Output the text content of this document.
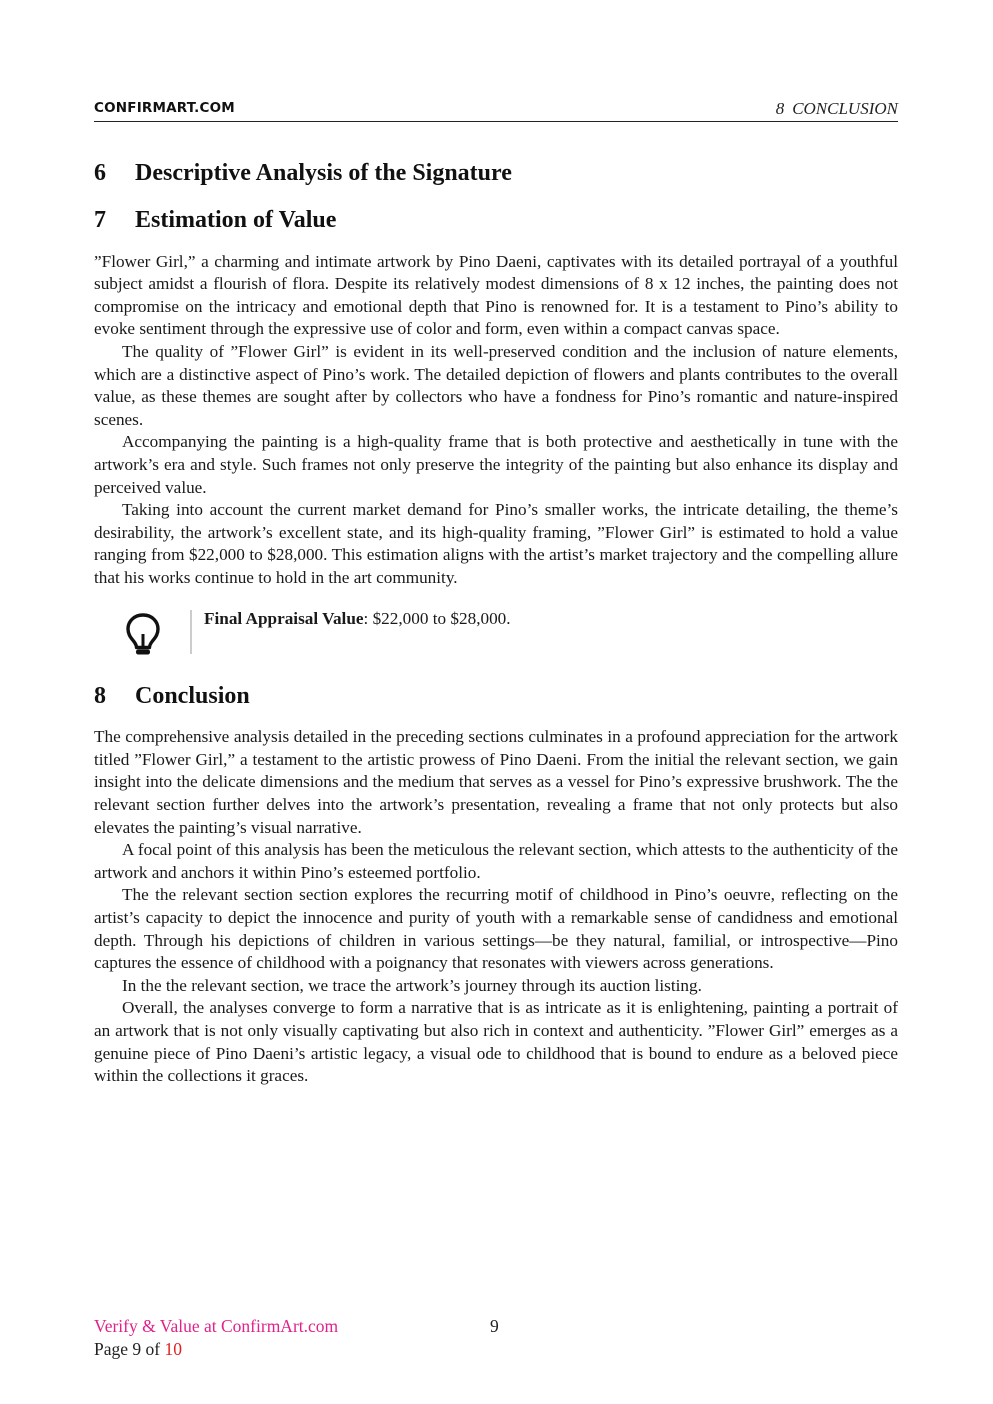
CONFIRMART.COM	8 CONCLUSION
6 Descriptive Analysis of the Signature
7 Estimation of Value

”Flower Girl,” a charming and intimate artwork by Pino Daeni, captivates with its detailed portrayal of a youthful subject amidst a flourish of flora. Despite its relatively modest dimensions of 8 x 12 inches, the painting does not compromise on the intricacy and emotional depth that Pino is renowned for. It is a testament to Pino’s ability to evoke sentiment through the expressive use of color and form, even within a compact canvas space.

The quality of ”Flower Girl” is evident in its well-preserved condition and the inclusion of nature elements, which are a distinctive aspect of Pino’s work. The detailed depiction of flowers and plants contributes to the overall value, as these themes are sought after by collectors who have a fondness for Pino’s romantic and nature-inspired scenes.

Accompanying the painting is a high-quality frame that is both protective and aesthetically in tune with the artwork’s era and style. Such frames not only preserve the integrity of the painting but also enhance its display and perceived value.

Taking into account the current market demand for Pino’s smaller works, the intricate detailing, the theme’s desirability, the artwork’s excellent state, and its high-quality framing, ”Flower Girl” is estimated to hold a value ranging from $22,000 to $28,000. This estimation aligns with the artist’s market trajectory and the compelling allure that his works continue to hold in the art community.

Final Appraisal Value: $22,000 to $28,000.
8 Conclusion

The comprehensive analysis detailed in the preceding sections culminates in a profound appreciation for the artwork titled ”Flower Girl,” a testament to the artistic prowess of Pino Daeni. From the initial the relevant section, we gain insight into the delicate dimensions and the medium that serves as a vessel for Pino’s expressive brushwork. The the relevant section further delves into the artwork’s presentation, revealing a frame that not only protects but also elevates the painting’s visual narrative.

A focal point of this analysis has been the meticulous the relevant section, which attests to the authenticity of the artwork and anchors it within Pino’s esteemed portfolio.

The the relevant section section explores the recurring motif of childhood in Pino’s oeuvre, reflecting on the artist’s capacity to depict the innocence and purity of youth with a remarkable sense of candidness and emotional depth. Through his depictions of children in various settings—be they natural, familial, or introspective—Pino captures the essence of childhood with a poignancy that resonates with viewers across generations.

In the the relevant section, we trace the artwork’s journey through its auction listing.

Overall, the analyses converge to form a narrative that is as intricate as it is enlightening, painting a portrait of an artwork that is not only visually captivating but also rich in context and authenticity. ”Flower Girl” emerges as a genuine piece of Pino Daeni’s artistic legacy, a visual ode to childhood that is bound to endure as a beloved piece within the collections it graces.

Verify & Value at ConfirmArt.com	9
Page 9 of 10
